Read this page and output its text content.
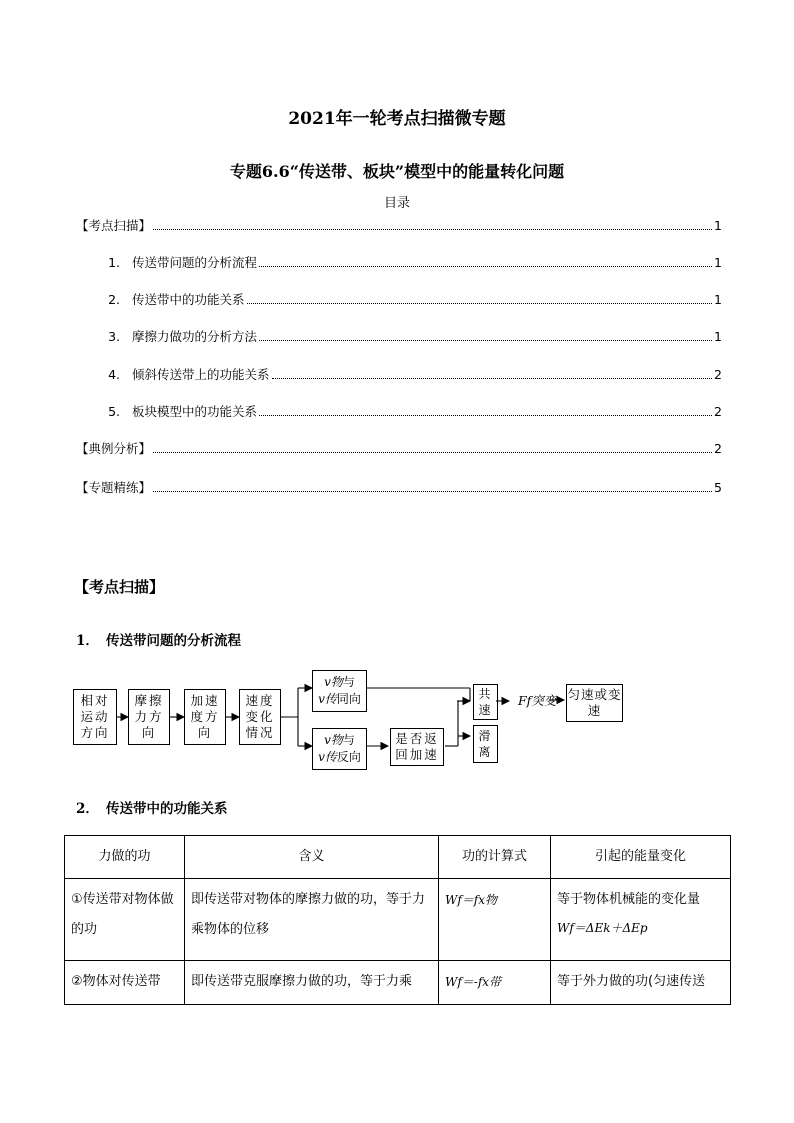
2021年一轮考点扫描微专题
专题6.6“传送带、板块”模型中的能量转化问题
目录
【考点扫描】	1
1. 传送带问题的分析流程	1
2. 传送带中的功能关系	1
3. 摩擦力做功的分析方法	1
4. 倾斜传送带上的功能关系	2
5. 板块模型中的功能关系	2
【典例分析】	2
【专题精练】	5
【考点扫描】
1． 传送带问题的分析流程
相对运动方向
摩擦力方向
加速度方向
速度变化情况
v物与
v传同向
v物与
v传反向
是否返回加速
共速
滑离
Ff突变 匀速或变速
2． 传送带中的功能关系
力做的功	含义	功的计算式	引起的能量变化
①传送带对物体做的功	即传送带对物体的摩擦力做的功，等于力乘物体的位移	Wf＝fx物	等于物体机械能的变化量
Wf＝ΔEk＋ΔEp

②物体对传送带	即传送带克服摩擦力做的功，等于力乘	Wf＝-fx带	等于外力做的功(匀速传送
